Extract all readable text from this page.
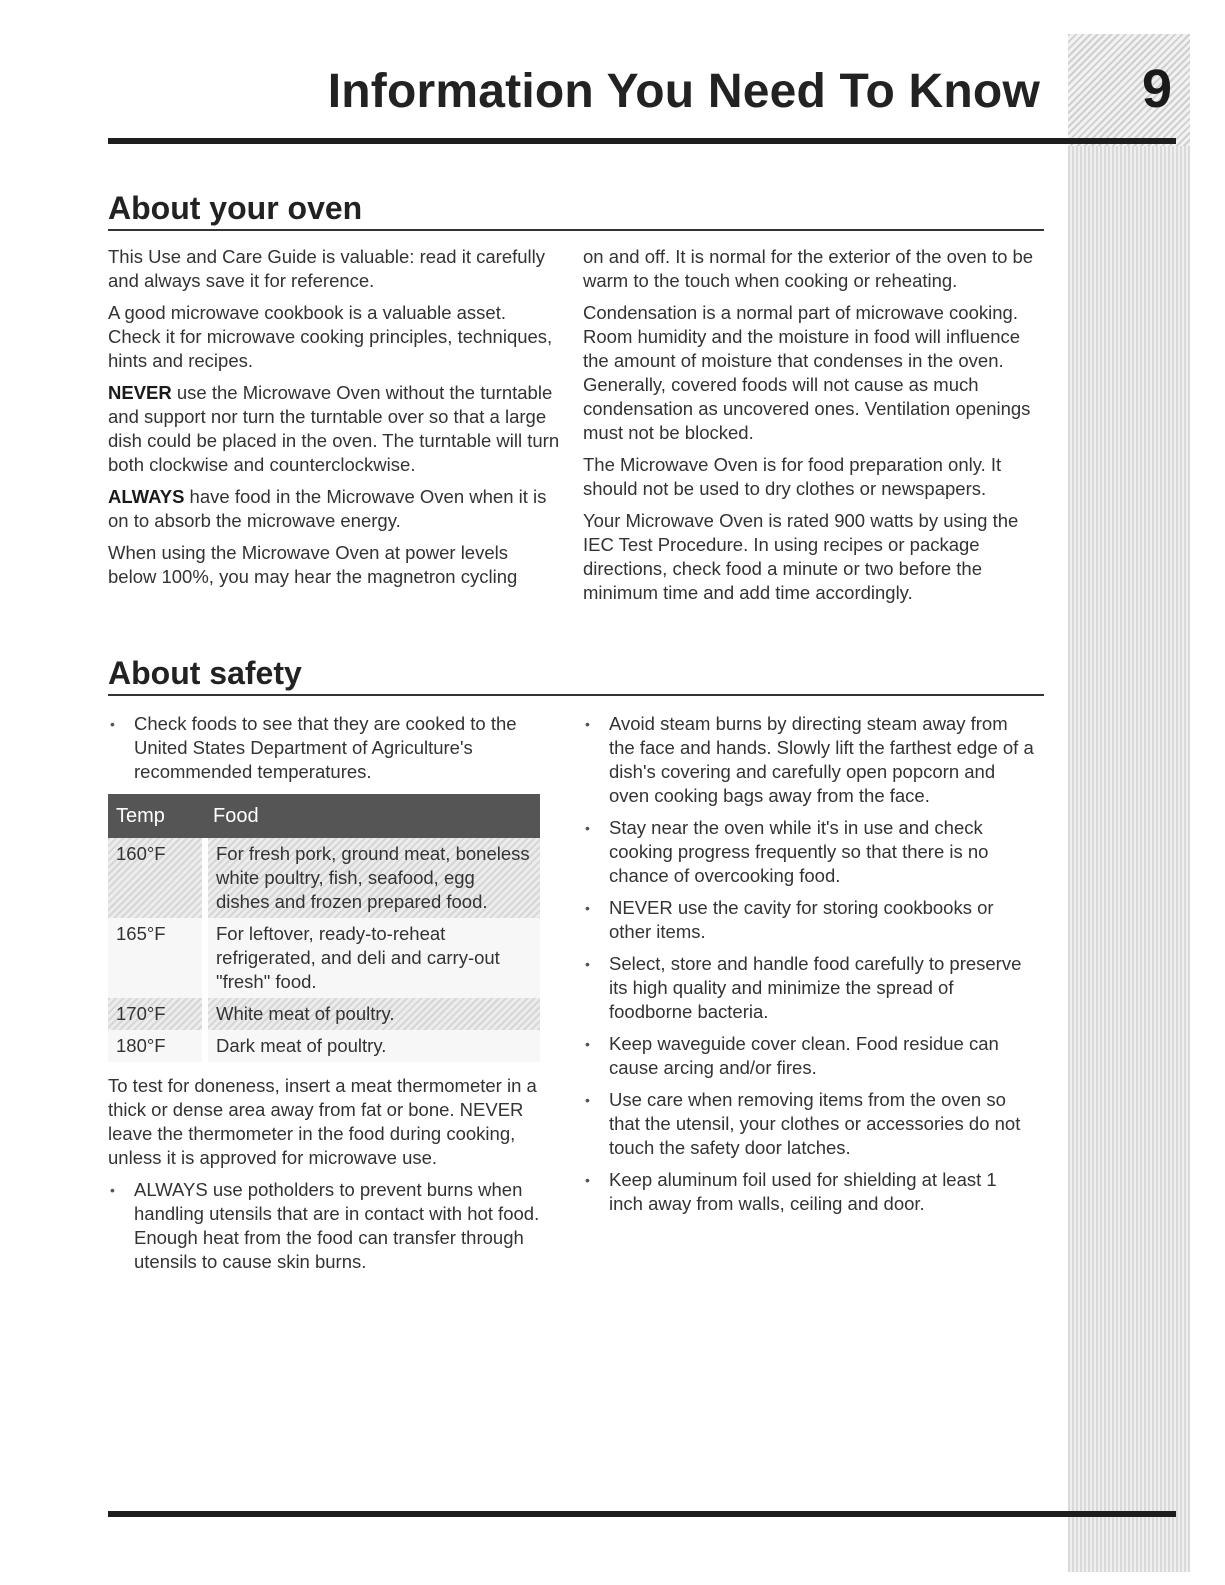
9
Information You Need To Know
About your oven

This Use and Care Guide is valuable: read it carefully and always save it for reference.

A good microwave cookbook is a valuable asset. Check it for microwave cooking principles, techniques, hints and recipes.

NEVER use the Microwave Oven without the turntable and support nor turn the turntable over so that a large dish could be placed in the oven. The turntable will turn both clockwise and counterclockwise.

ALWAYS have food in the Microwave Oven when it is on to absorb the microwave energy.

When using the Microwave Oven at power levels below 100%, you may hear the magnetron cycling

on and off. It is normal for the exterior of the oven to be warm to the touch when cooking or reheating.

Condensation is a normal part of microwave cooking. Room humidity and the moisture in food will influence the amount of moisture that condenses in the oven. Generally, covered foods will not cause as much condensation as uncovered ones. Ventilation openings must not be blocked.

The Microwave Oven is for food preparation only. It should not be used to dry clothes or newspapers.

Your Microwave Oven is rated 900 watts by using the IEC Test Procedure. In using recipes or package directions, check food a minute or two before the minimum time and add time accordingly.

About safety
• Check foods to see that they are cooked to the United States Department of Agriculture's recommended temperatures.
Temp	Food
160°F	For fresh pork, ground meat, boneless white poultry, fish, seafood, egg dishes and frozen prepared food.
165°F	For leftover, ready-to-reheat refrigerated, and deli and carry-out "fresh" food.
170°F	White meat of poultry.
180°F	Dark meat of poultry.

To test for doneness, insert a meat thermometer in a thick or dense area away from fat or bone. NEVER leave the thermometer in the food during cooking, unless it is approved for microwave use.

• ALWAYS use potholders to prevent burns when handling utensils that are in contact with hot food. Enough heat from the food can transfer through utensils to cause skin burns.
• Avoid steam burns by directing steam away from the face and hands. Slowly lift the farthest edge of a dish's covering and carefully open popcorn and oven cooking bags away from the face.
• Stay near the oven while it's in use and check cooking progress frequently so that there is no chance of overcooking food.
• NEVER use the cavity for storing cookbooks or other items.
• Select, store and handle food carefully to preserve its high quality and minimize the spread of foodborne bacteria.
• Keep waveguide cover clean. Food residue can cause arcing and/or fires.
• Use care when removing items from the oven so that the utensil, your clothes or accessories do not touch the safety door latches.
• Keep aluminum foil used for shielding at least 1 inch away from walls, ceiling and door.
